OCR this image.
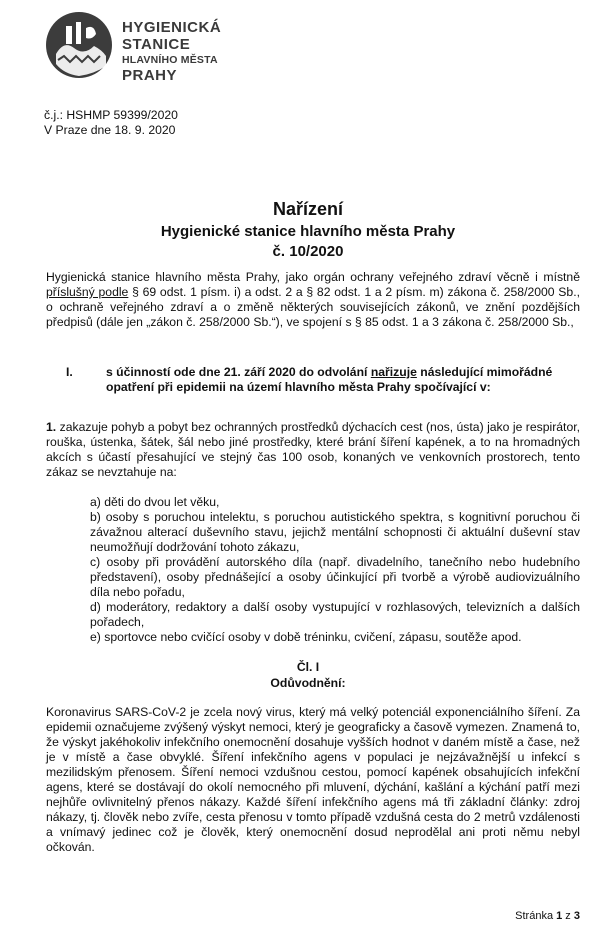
HYGIENICKÁ
STANICE
HLAVNÍHO MĚSTA
PRAHY
č.j.: HSHMP 59399/2020
V Praze dne 18. 9. 2020
Nařízení
Hygienické stanice hlavního města Prahy
č. 10/2020
Hygienická stanice hlavního města Prahy, jako orgán ochrany veřejného zdraví věcně i místně příslušný podle § 69 odst. 1 písm. i) a odst. 2 a § 82 odst. 1 a 2 písm. m) zákona č. 258/2000 Sb., o ochraně veřejného zdraví a o změně některých souvisejících zákonů, ve znění pozdějších předpisů (dále jen „zákon č. 258/2000 Sb.“), ve spojení s § 85 odst. 1 a 3 zákona č. 258/2000 Sb.,
I.	s účinností ode dne 21. září 2020 do odvolání nařizuje následující mimořádné opatření při epidemii na území hlavního města Prahy spočívající v:
1. zakazuje pohyb a pobyt bez ochranných prostředků dýchacích cest (nos, ústa) jako je respirátor, rouška, ústenka, šátek, šál nebo jiné prostředky, které brání šíření kapének, a to na hromadných akcích s účastí přesahující ve stejný čas 100 osob, konaných ve venkovních prostorech, tento zákaz se nevztahuje na:
a) děti do dvou let věku,
b) osoby s poruchou intelektu, s poruchou autistického spektra, s kognitivní poruchou či závažnou alterací duševního stavu, jejichž mentální schopnosti či aktuální duševní stav neumožňují dodržování tohoto zákazu,
c) osoby při provádění autorského díla (např. divadelního, tanečního nebo hudebního představení), osoby přednášející a osoby účinkující při tvorbě a výrobě audiovizuálního díla nebo pořadu,
d) moderátory, redaktory a další osoby vystupující v rozhlasových, televizních a dalších pořadech,
e) sportovce nebo cvičící osoby v době tréninku, cvičení, zápasu, soutěže apod.
Čl. I
Odůvodnění:
Koronavirus SARS-CoV-2 je zcela nový virus, který má velký potenciál exponenciálního šíření. Za epidemii označujeme zvýšený výskyt nemoci, který je geograficky a časově vymezen. Znamená to, že výskyt jakéhokoliv infekčního onemocnění dosahuje vyšších hodnot v daném místě a čase, než je v místě a čase obvyklé. Šíření infekčního agens v populaci je nejzávažnější u infekcí s mezilidským přenosem. Šíření nemoci vzdušnou cestou, pomocí kapének obsahujících infekční agens, které se dostávají do okolí nemocného při mluvení, dýchání, kašlání a kýchání patří mezi nejhůře ovlivnitelný přenos nákazy. Každé šíření infekčního agens má tři základní články: zdroj nákazy, tj. člověk nebo zvíře, cesta přenosu v tomto případě vzdušná cesta do 2 metrů vzdálenosti a vnímavý jedinec což je člověk, který onemocnění dosud neprodělal ani proti němu nebyl očkován.
Stránka 1 z 3
